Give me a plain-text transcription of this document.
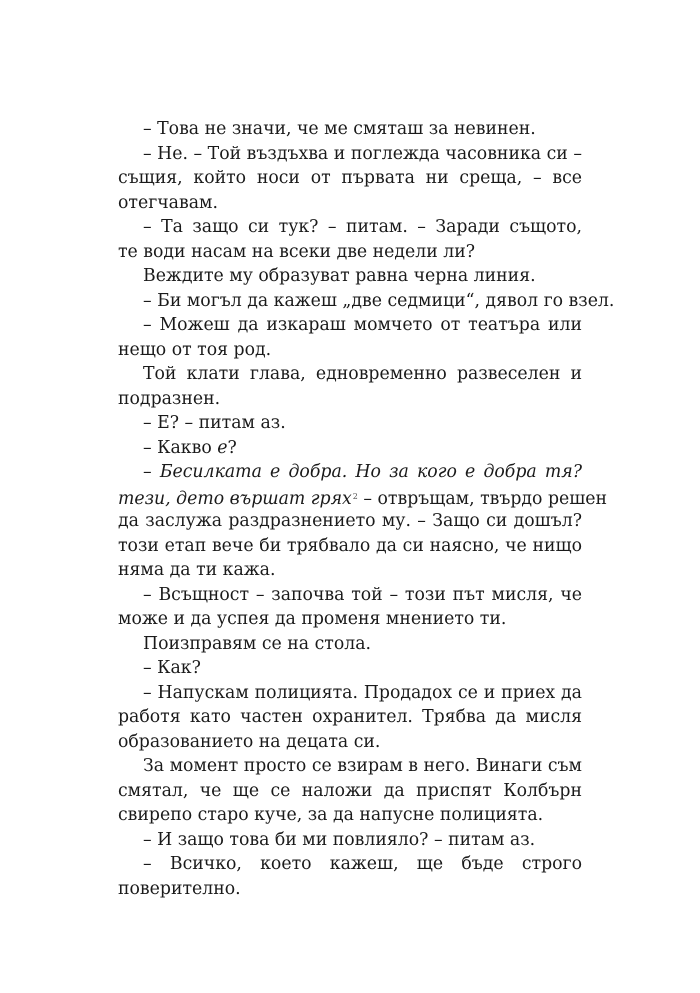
– Това не значи, че ме смяташ за невинен.
– Не. – Той въздъхва и поглежда часовника си –
същия, който носи от първата ни среща, – все
отегчавам.
– Та защо си тук? – питам. – Заради същото,
те води насам на всеки две недели ли?
Веждите му образуват равна черна линия.
– Би могъл да кажеш „две седмици“, дявол го взел.
– Можеш да изкараш момчето от театъра или
нещо от тоя род.
Той клати глава, едновременно развеселен и
подразнен.
– Е? – питам аз.
– Какво е?
– Бесилката е добра. Но за кого е добра тя?
тези, дето вършат грях$^2$ – отвръщам, твърдо решен
да заслужа раздразнението му. – Защо си дошъл?
този етап вече би трябвало да си наясно, че нищо
няма да ти кажа.
– Всъщност – започва той – този път мисля, че
може и да успея да променя мнението ти.
Поизправям се на стола.
– Как?
– Напускам полицията. Продадох се и приех да
работя като частен охранител. Трябва да мисля
образованието на децата си.
За момент просто се взирам в него. Винаги съм
смятал, че ще се наложи да приспят Колбърн
свирепо старо куче, за да напусне полицията.
– И защо това би ми повлияло? – питам аз.
– Всичко, което кажеш, ще бъде строго
поверително.
